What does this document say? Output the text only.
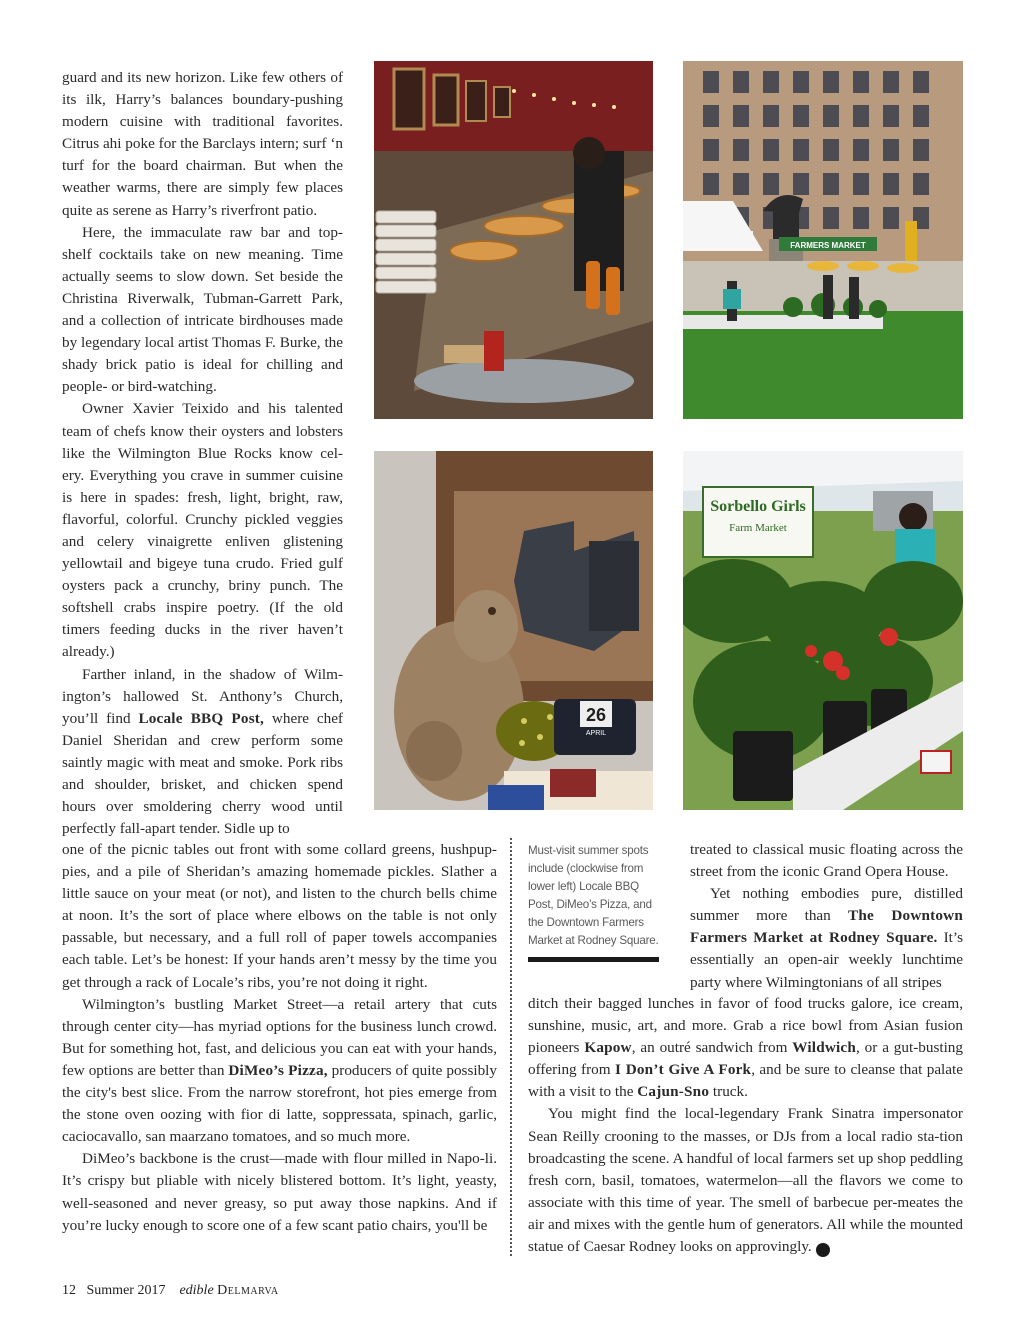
guard and its new horizon. Like few others of its ilk, Harry’s balances boundary-pushing modern cuisine with traditional favorites. Citrus ahi poke for the Barclays intern; surf ‘n turf for the board chairman. But when the weather warms, there are simply few places quite as serene as Harry’s riverfront patio.

Here, the immaculate raw bar and top-shelf cocktails take on new meaning. Time actually seems to slow down. Set beside the Christina Riverwalk, Tubman-Garrett Park, and a collection of intricate birdhouses made by legendary local artist Thomas F. Burke, the shady brick patio is ideal for chilling and people- or bird-watching.

Owner Xavier Teixido and his talented team of chefs know their oysters and lobsters like the Wilmington Blue Rocks know cel-ery. Everything you crave in summer cuisine is here in spades: fresh, light, bright, raw, flavorful, colorful. Crunchy pickled veggies and celery vinaigrette enliven glistening yellowtail and bigeye tuna crudo. Fried gulf oysters pack a crunchy, briny punch. The softshell crabs inspire poetry. (If the old timers feeding ducks in the river haven’t already.)

Farther inland, in the shadow of Wilm-ington’s hallowed St. Anthony’s Church, you’ll find Locale BBQ Post, where chef Daniel Sheridan and crew perform some saintly magic with meat and smoke. Pork ribs and shoulder, brisket, and chicken spend hours over smoldering cherry wood until perfectly fall-apart tender. Sidle up to

one of the picnic tables out front with some collard greens, hushpup-pies, and a pile of Sheridan’s amazing homemade pickles. Slather a little sauce on your meat (or not), and listen to the church bells chime at noon. It’s the sort of place where elbows on the table is not only passable, but necessary, and a full roll of paper towels accompanies each table. Let’s be honest: If your hands aren’t messy by the time you get through a rack of Locale’s ribs, you’re not doing it right.

Wilmington’s bustling Market Street—a retail artery that cuts through center city—has myriad options for the business lunch crowd. But for something hot, fast, and delicious you can eat with your hands, few options are better than DiMeo’s Pizza, producers of quite possibly the city's best slice. From the narrow storefront, hot pies emerge from the stone oven oozing with fior di latte, soppressata, spinach, garlic, caciocavallo, san maarzano tomatoes, and so much more.

DiMeo’s backbone is the crust—made with flour milled in Napo-li. It’s crispy but pliable with nicely blistered bottom. It’s light, yeasty, well-seasoned and never greasy, so put away those napkins. And if you’re lucky enough to score one of a few scant patio chairs, you'll be

FARMERS MARKET
26
APRIL
Sorbello Girls
Farm Market
Must-visit summer spots include (clockwise from lower left) Locale BBQ Post, DiMeo’s Pizza, and the Downtown Farmers Market at Rodney Square.

treated to classical music floating across the street from the iconic Grand Opera House.

Yet nothing embodies pure, distilled summer more than The Downtown Farmers Market at Rodney Square. It’s essentially an open-air weekly lunchtime party where Wilmingtonians of all stripes

ditch their bagged lunches in favor of food trucks galore, ice cream, sunshine, music, art, and more. Grab a rice bowl from Asian fusion pioneers Kapow, an outré sandwich from Wildwich, or a gut-busting offering from I Don’t Give A Fork, and be sure to cleanse that palate with a visit to the Cajun-Sno truck.

You might find the local-legendary Frank Sinatra impersonator Sean Reilly crooning to the masses, or DJs from a local radio sta-tion broadcasting the scene. A handful of local farmers set up shop peddling fresh corn, basil, tomatoes, watermelon—all the flavors we come to associate with this time of year. The smell of barbecue per-meates the air and mixes with the gentle hum of generators. All while the mounted statue of Caesar Rodney looks on approvingly. e

12 Summer 2017 edible Delmarva
